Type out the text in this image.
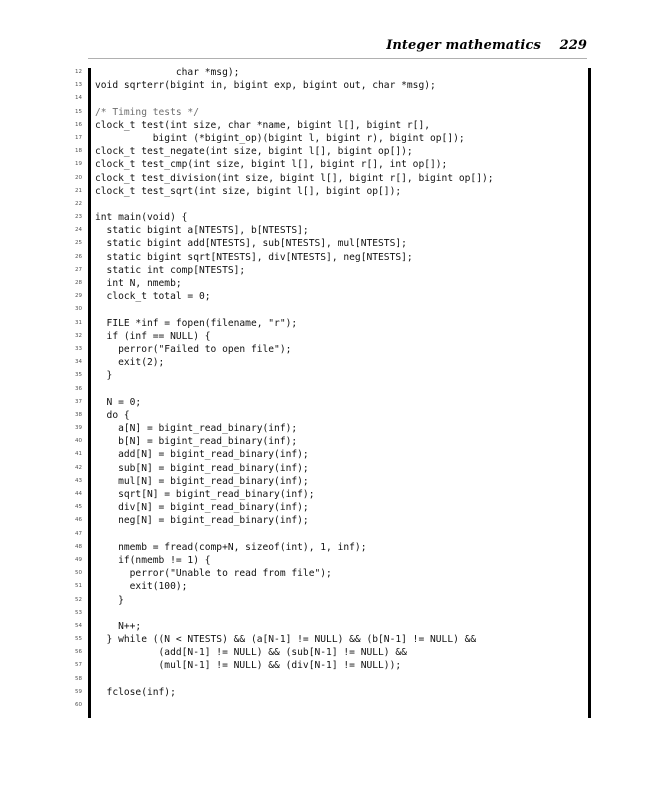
Integer mathematics 229
12
13
14
15
16
17
18
19
20
21
22
23
24
25
26
27
28
29
30
31
32
33
34
35
36
37
38
39
40
41
42
43
44
45
46
47
48
49
50
51
52
53
54
55
56
57
58
59
60
char *msg);
void sqrterr(bigint in, bigint exp, bigint out, char *msg);
/* Timing tests */
clock_t test(int size, char *name, bigint l[], bigint r[],
bigint (*bigint_op)(bigint l, bigint r), bigint op[]);
clock_t test_negate(int size, bigint l[], bigint op[]);
clock_t test_cmp(int size, bigint l[], bigint r[], int op[]);
clock_t test_division(int size, bigint l[], bigint r[], bigint op[]);
clock_t test_sqrt(int size, bigint l[], bigint op[]);
int main(void) {
static bigint a[NTESTS], b[NTESTS];
static bigint add[NTESTS], sub[NTESTS], mul[NTESTS];
static bigint sqrt[NTESTS], div[NTESTS], neg[NTESTS];
static int comp[NTESTS];
int N, nmemb;
clock_t total = 0;
FILE *inf = fopen(filename, "r");
if (inf == NULL) {
perror("Failed to open file");
exit(2);
}
N = 0;
do {
a[N] = bigint_read_binary(inf);
b[N] = bigint_read_binary(inf);
add[N] = bigint_read_binary(inf);
sub[N] = bigint_read_binary(inf);
mul[N] = bigint_read_binary(inf);
sqrt[N] = bigint_read_binary(inf);
div[N] = bigint_read_binary(inf);
neg[N] = bigint_read_binary(inf);
nmemb = fread(comp+N, sizeof(int), 1, inf);
if(nmemb != 1) {
perror("Unable to read from file");
exit(100);
}
N++;
} while ((N < NTESTS) && (a[N-1] != NULL) && (b[N-1] != NULL) &&
(add[N-1] != NULL) && (sub[N-1] != NULL) &&
(mul[N-1] != NULL) && (div[N-1] != NULL));
fclose(inf);
